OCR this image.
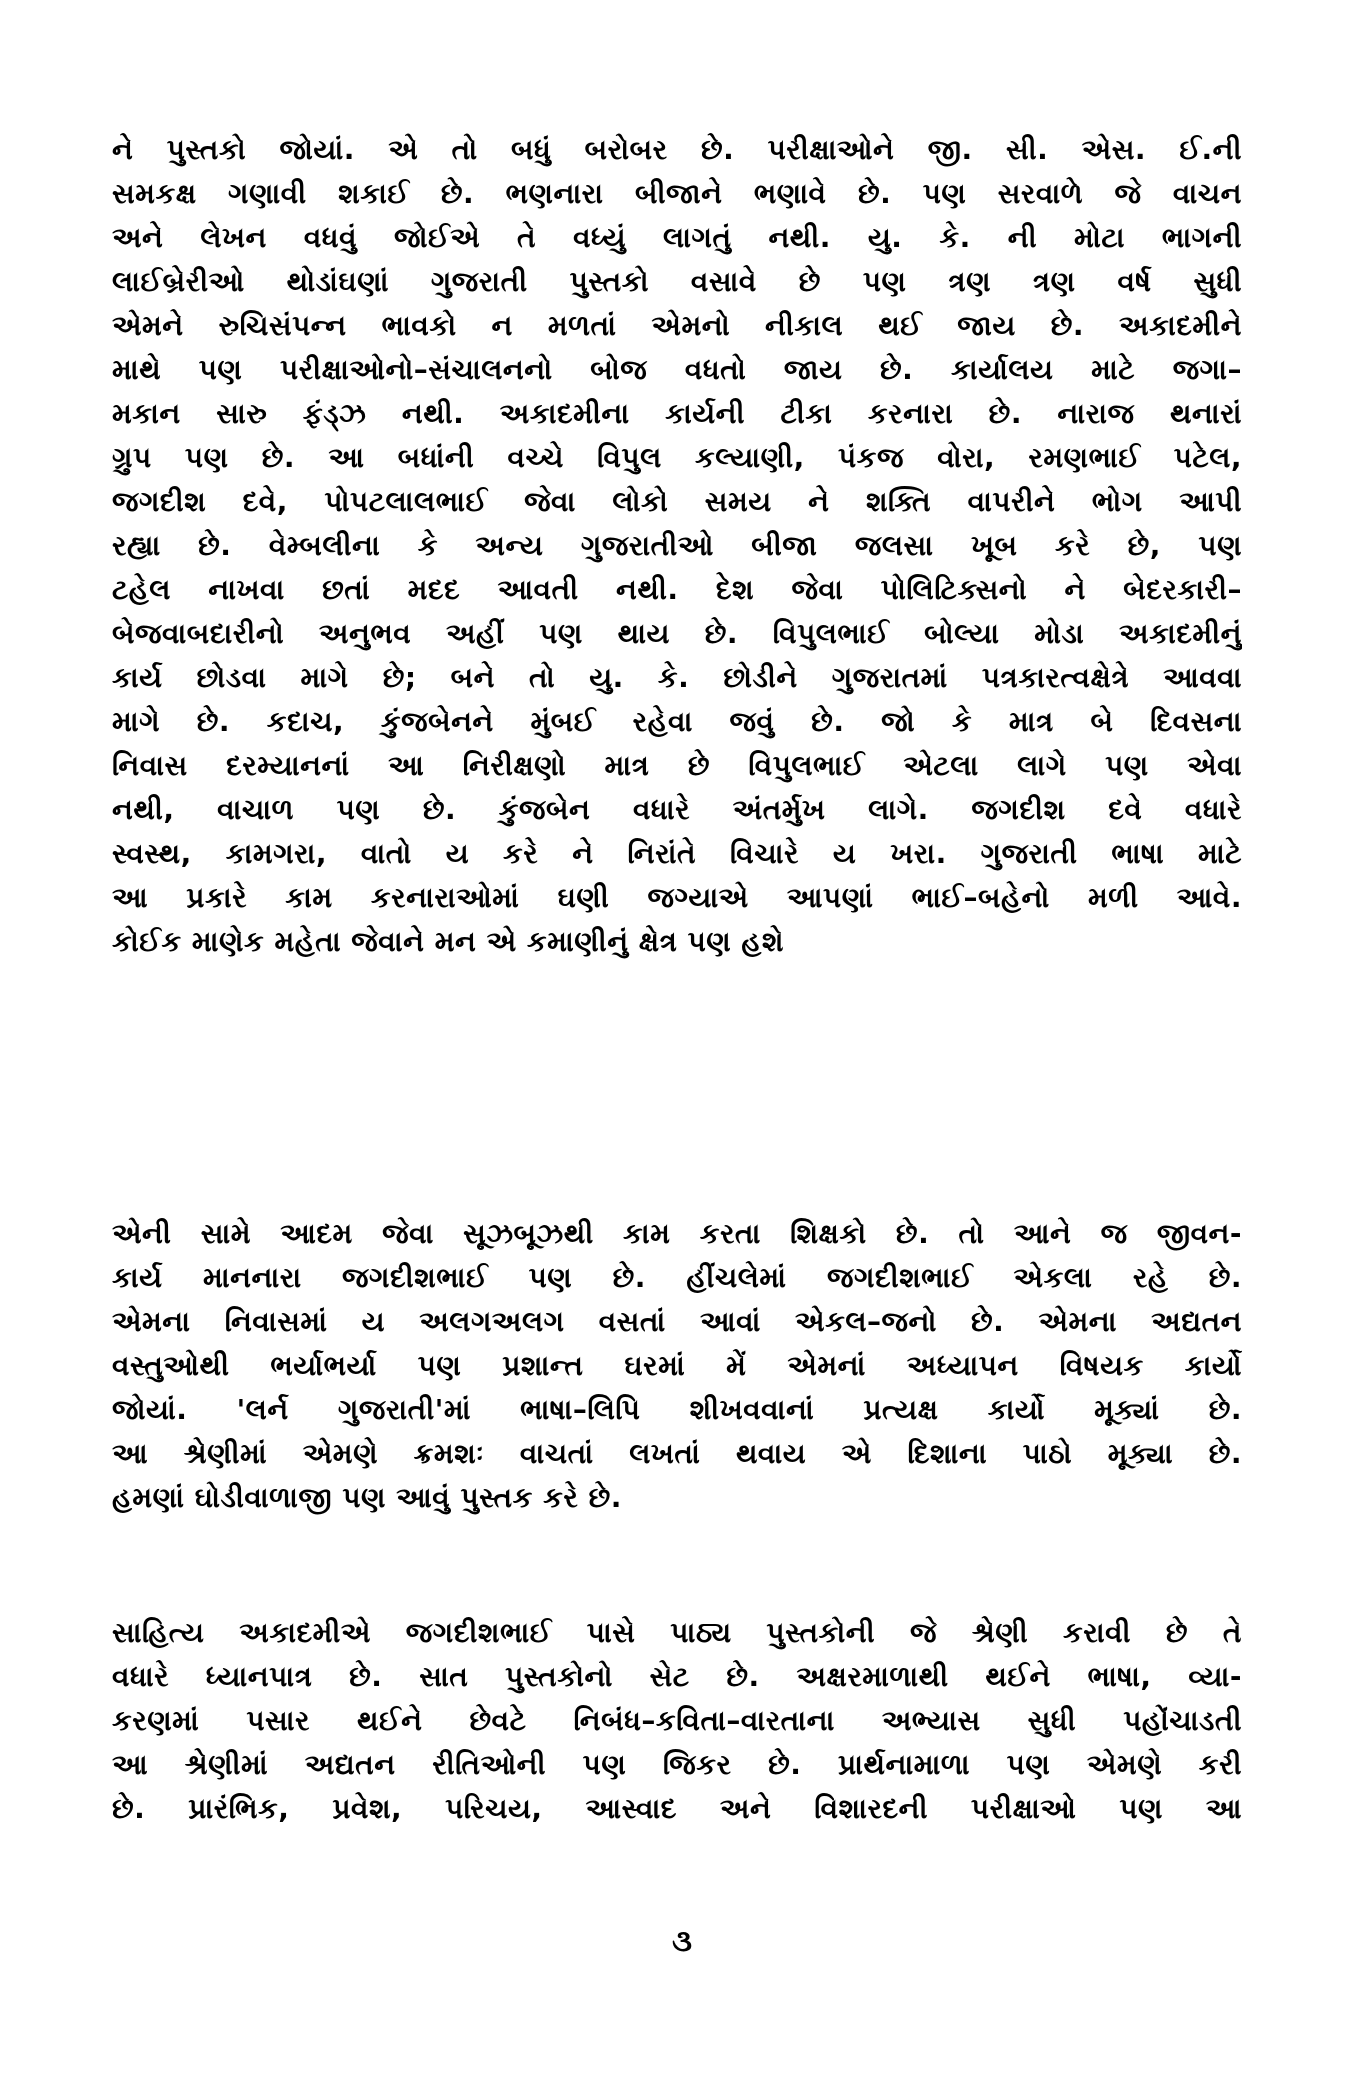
ને પુસ્તકો જોયાં. એ તો બધું બરોબર છે. પરીક્ષાઓને જી. સી. એસ. ઈ.ની
સમકક્ષ ગણાવી શકાઈ છે. ભણનારા બીજાને ભણાવે છે. પણ સરવાળે જે વાચન
અને લેખન વધવું જોઈએ તે વધ્યું લાગતું નથી. યુ. કે. ની મોટા ભાગની
લાઈબ્રેરીઓ થોડાંઘણાં ગુજરાતી પુસ્તકો વસાવે છે પણ ત્રણ ત્રણ વર્ષ સુધી
એમને રુચિસંપન્ન ભાવકો ન મળતાં એમનો નીકાલ થઈ જાય છે. અકાદમીને
માથે પણ પરીક્ષાઓનો–સંચાલનનો બોજ વધતો જાય છે. કાર્યાલય માટે જગા–
મકાન સારુ ફંડ્ઝ નથી. અકાદમીના કાર્યની ટીકા કરનારા છે. નારાજ થનારાં
ગ્રુપ પણ છે. આ બધાંની વચ્ચે વિપુલ કલ્યાણી, પંકજ વોરા, રમણભાઈ પટેલ,
જગદીશ દવે, પોપટલાલભાઈ જેવા લોકો સમય ને શક્તિ વાપરીને ભોગ આપી
રહ્યા છે. વેમ્બલીના કે અન્ય ગુજરાતીઓ બીજા જલસા ખૂબ કરે છે, પણ
ટહેલ નાખવા છતાં મદદ આવતી નથી. દેશ જેવા પોલિટિક્સનો ને બેદરકારી–
બેજવાબદારીનો અનુભવ અહીં પણ થાય છે. વિપુલભાઈ બોલ્યા મોડા અકાદમીનું
કાર્ય છોડવા માગે છે; બને તો યુ. કે. છોડીને ગુજરાતમાં પત્રકારત્વક્ષેત્રે આવવા
માગે છે. કદાચ, કુંજબેનને મુંબઈ રહેવા જવું છે. જો કે માત્ર બે દિવસના
નિવાસ દરમ્યાનનાં આ નિરીક્ષણો માત્ર છે વિપુલભાઈ એટલા લાગે પણ એવા
નથી, વાચાળ પણ છે. કુંજબેન વધારે અંતર્મુખ લાગે. જગદીશ દવે વધારે
સ્વસ્થ, કામગરા, વાતો ય કરે ને નિરાંતે વિચારે ય ખરા. ગુજરાતી ભાષા માટે
આ પ્રકારે કામ કરનારાઓમાં ઘણી જગ્યાએ આપણાં ભાઈ–બહેનો મળી આવે.
કોઈક માણેક મહેતા જેવાને મન એ કમાણીનું ક્ષેત્ર પણ હશે
એની સામે આદમ જેવા સૂઝબૂઝથી કામ કરતા શિક્ષકો છે. તો આને જ જીવન-
કાર્ય માનનારા જગદીશભાઈ પણ છે. હીંચલેમાં જગદીશભાઈ એકલા રહે છે.
એમના નિવાસમાં ય અલગઅલગ વસતાં આવાં એકલ–જનો છે. એમના અદ્યતન
વસ્તુઓથી ભર્યાભર્યા પણ પ્રશાન્ત ઘરમાં મેં એમનાં અધ્યાપન વિષયક કાર્યો
જોયાં. 'લર્ન ગુજરાતી'માં ભાષા–લિપિ શીખવવાનાં પ્રત્યક્ષ કાર્યો મૂક્યાં છે.
આ શ્રેણીમાં એમણે ક્રમશઃ વાચતાં લખતાં થવાય એ દિશાના પાઠો મૂક્યા છે.
હમણાં ઘોડીવાળાજી પણ આવું પુસ્તક કરે છે.
સાહિત્ય અકાદમીએ જગદીશભાઈ પાસે પાઠ્ય પુસ્તકોની જે શ્રેણી કરાવી છે તે
વધારે ધ્યાનપાત્ર છે. સાત પુસ્તકોનો સેટ છે. અક્ષરમાળાથી થઈને ભાષા, વ્યા-
કરણમાં પસાર થઈને છેવટે નિબંધ–કવિતા–વારતાના અભ્યાસ સુધી પહોંચાડતી
આ શ્રેણીમાં અદ્યતન રીતિઓની પણ જિકર છે. પ્રાર્થનામાળા પણ એમણે કરી
છે. પ્રારંભિક, પ્રવેશ, પરિચય, આસ્વાદ અને વિશારદની પરીક્ષાઓ પણ આ
૩
